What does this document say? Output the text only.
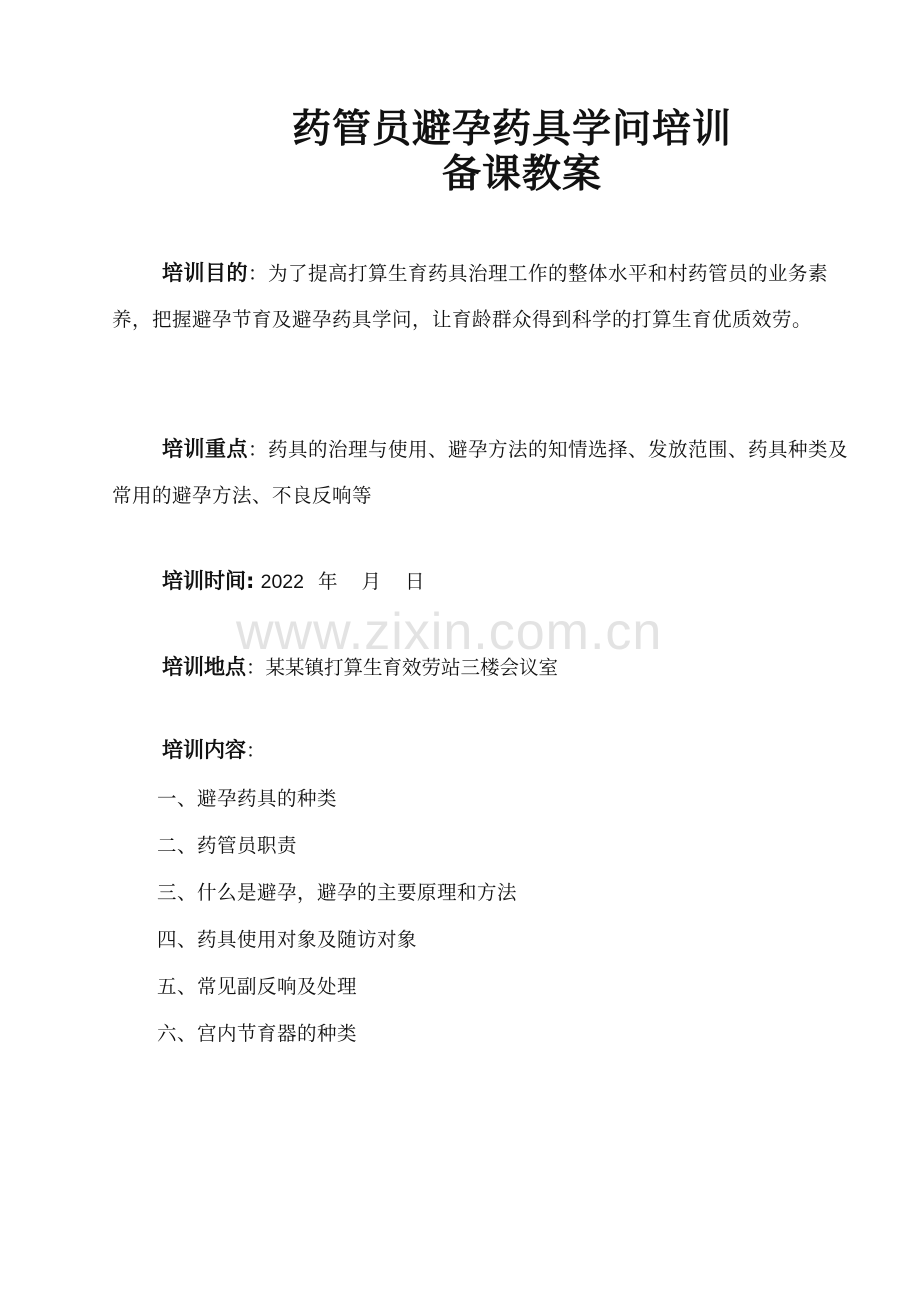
www.zixin.com.cn
药管员避孕药具学问培训
备课教案
培训目的：为了提高打算生育药具治理工作的整体水平和村药管员的业务素养，把握避孕节育及避孕药具学问，让育龄群众得到科学的打算生育优质效劳。
培训重点：药具的治理与使用、避孕方法的知情选择、发放范围、药具种类及常用的避孕方法、不良反响等
培训时间: 2022 年 月 日
培训地点：某某镇打算生育效劳站三楼会议室
培训内容：
一、避孕药具的种类
二、药管员职责
三、什么是避孕，避孕的主要原理和方法
四、药具使用对象及随访对象
五、常见副反响及处理
六、宫内节育器的种类
